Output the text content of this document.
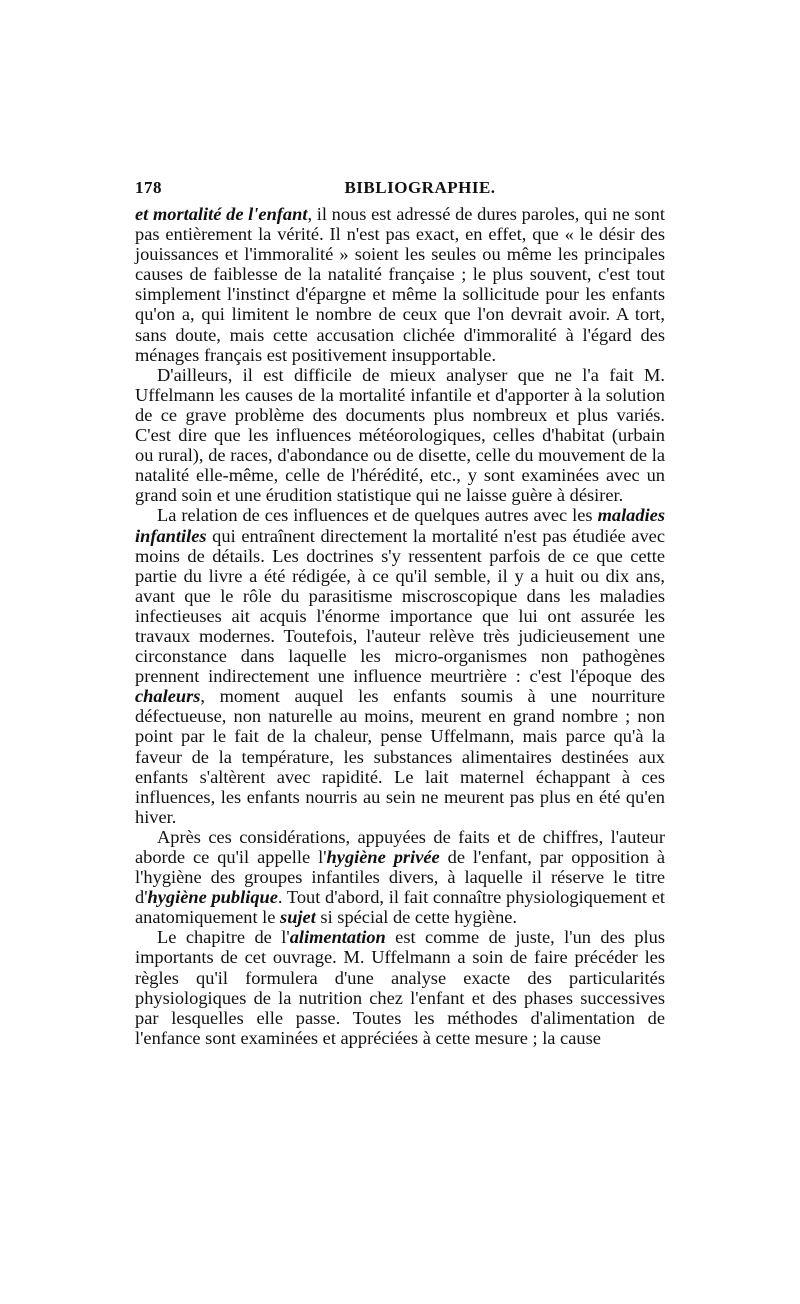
178	BIBLIOGRAPHIE.

et mortalité de l'enfant, il nous est adressé de dures paroles, qui ne sont pas entièrement la vérité. Il n'est pas exact, en effet, que « le désir des jouissances et l'immoralité » soient les seules ou même les principales causes de faiblesse de la natalité française ; le plus souvent, c'est tout simplement l'instinct d'épargne et même la sollicitude pour les enfants qu'on a, qui limitent le nombre de ceux que l'on devrait avoir. A tort, sans doute, mais cette accusation clichée d'immoralité à l'égard des ménages français est positivement insupportable.

D'ailleurs, il est difficile de mieux analyser que ne l'a fait M. Uffelmann les causes de la mortalité infantile et d'apporter à la solution de ce grave problème des documents plus nombreux et plus variés. C'est dire que les influences météorologiques, celles d'habitat (urbain ou rural), de races, d'abondance ou de disette, celle du mouvement de la natalité elle-même, celle de l'hérédité, etc., y sont examinées avec un grand soin et une érudition statistique qui ne laisse guère à désirer.

La relation de ces influences et de quelques autres avec les maladies infantiles qui entraînent directement la mortalité n'est pas étudiée avec moins de détails. Les doctrines s'y ressentent parfois de ce que cette partie du livre a été rédigée, à ce qu'il semble, il y a huit ou dix ans, avant que le rôle du parasitisme miscroscopique dans les maladies infectieuses ait acquis l'énorme importance que lui ont assurée les travaux modernes. Toutefois, l'auteur relève très judicieusement une circonstance dans laquelle les micro-organismes non pathogènes prennent indirectement une influence meurtrière : c'est l'époque des chaleurs, moment auquel les enfants soumis à une nourriture défectueuse, non naturelle au moins, meurent en grand nombre ; non point par le fait de la chaleur, pense Uffelmann, mais parce qu'à la faveur de la température, les substances alimentaires destinées aux enfants s'altèrent avec rapidité. Le lait maternel échappant à ces influences, les enfants nourris au sein ne meurent pas plus en été qu'en hiver.

Après ces considérations, appuyées de faits et de chiffres, l'auteur aborde ce qu'il appelle l'hygiène privée de l'enfant, par opposition à l'hygiène des groupes infantiles divers, à laquelle il réserve le titre d'hygiène publique. Tout d'abord, il fait connaître physiologiquement et anatomiquement le sujet si spécial de cette hygiène.

Le chapitre de l'alimentation est comme de juste, l'un des plus importants de cet ouvrage. M. Uffelmann a soin de faire précéder les règles qu'il formulera d'une analyse exacte des particularités physiologiques de la nutrition chez l'enfant et des phases successives par lesquelles elle passe. Toutes les méthodes d'alimentation de l'enfance sont examinées et appréciées à cette mesure ; la cause
